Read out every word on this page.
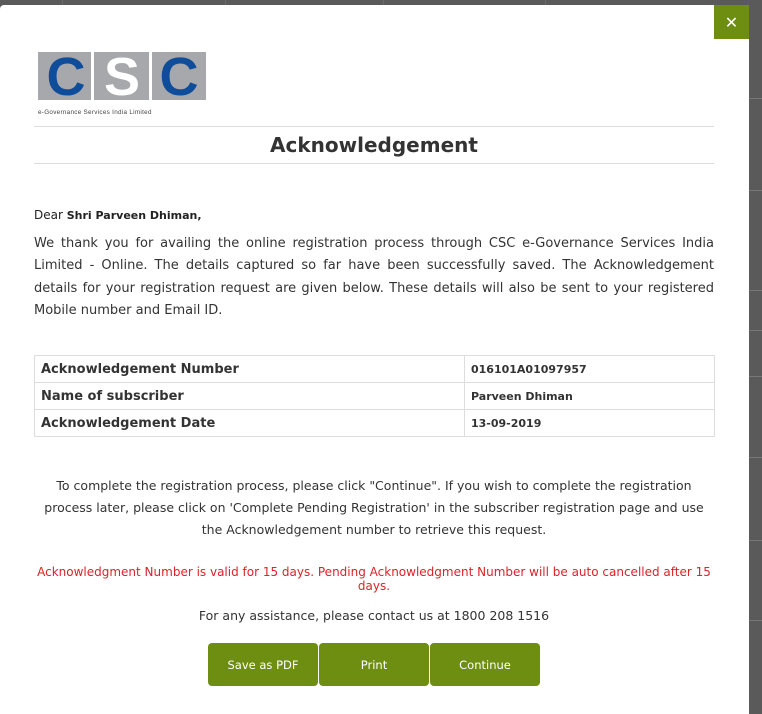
C S C
e-Governance Services India Limited
✕
Acknowledgement
Dear Shri Parveen Dhiman,

We thank you for availing the online registration process through CSC e-Governance Services India Limited - Online. The details captured so far have been successfully saved. The Acknowledgement details for your registration request are given below. These details will also be sent to your registered Mobile number and Email ID.

Acknowledgement Number	016101A01097957
Name of subscriber	Parveen Dhiman
Acknowledgement Date	13-09-2019

To complete the registration process, please click "Continue". If you wish to complete the registration process later, please click on 'Complete Pending Registration' in the subscriber registration page and use the Acknowledgement number to retrieve this request.

Acknowledgment Number is valid for 15 days. Pending Acknowledgment Number will be auto cancelled after 15 days.

For any assistance, please contact us at 1800 208 1516

Save as PDF	Print	Continue
